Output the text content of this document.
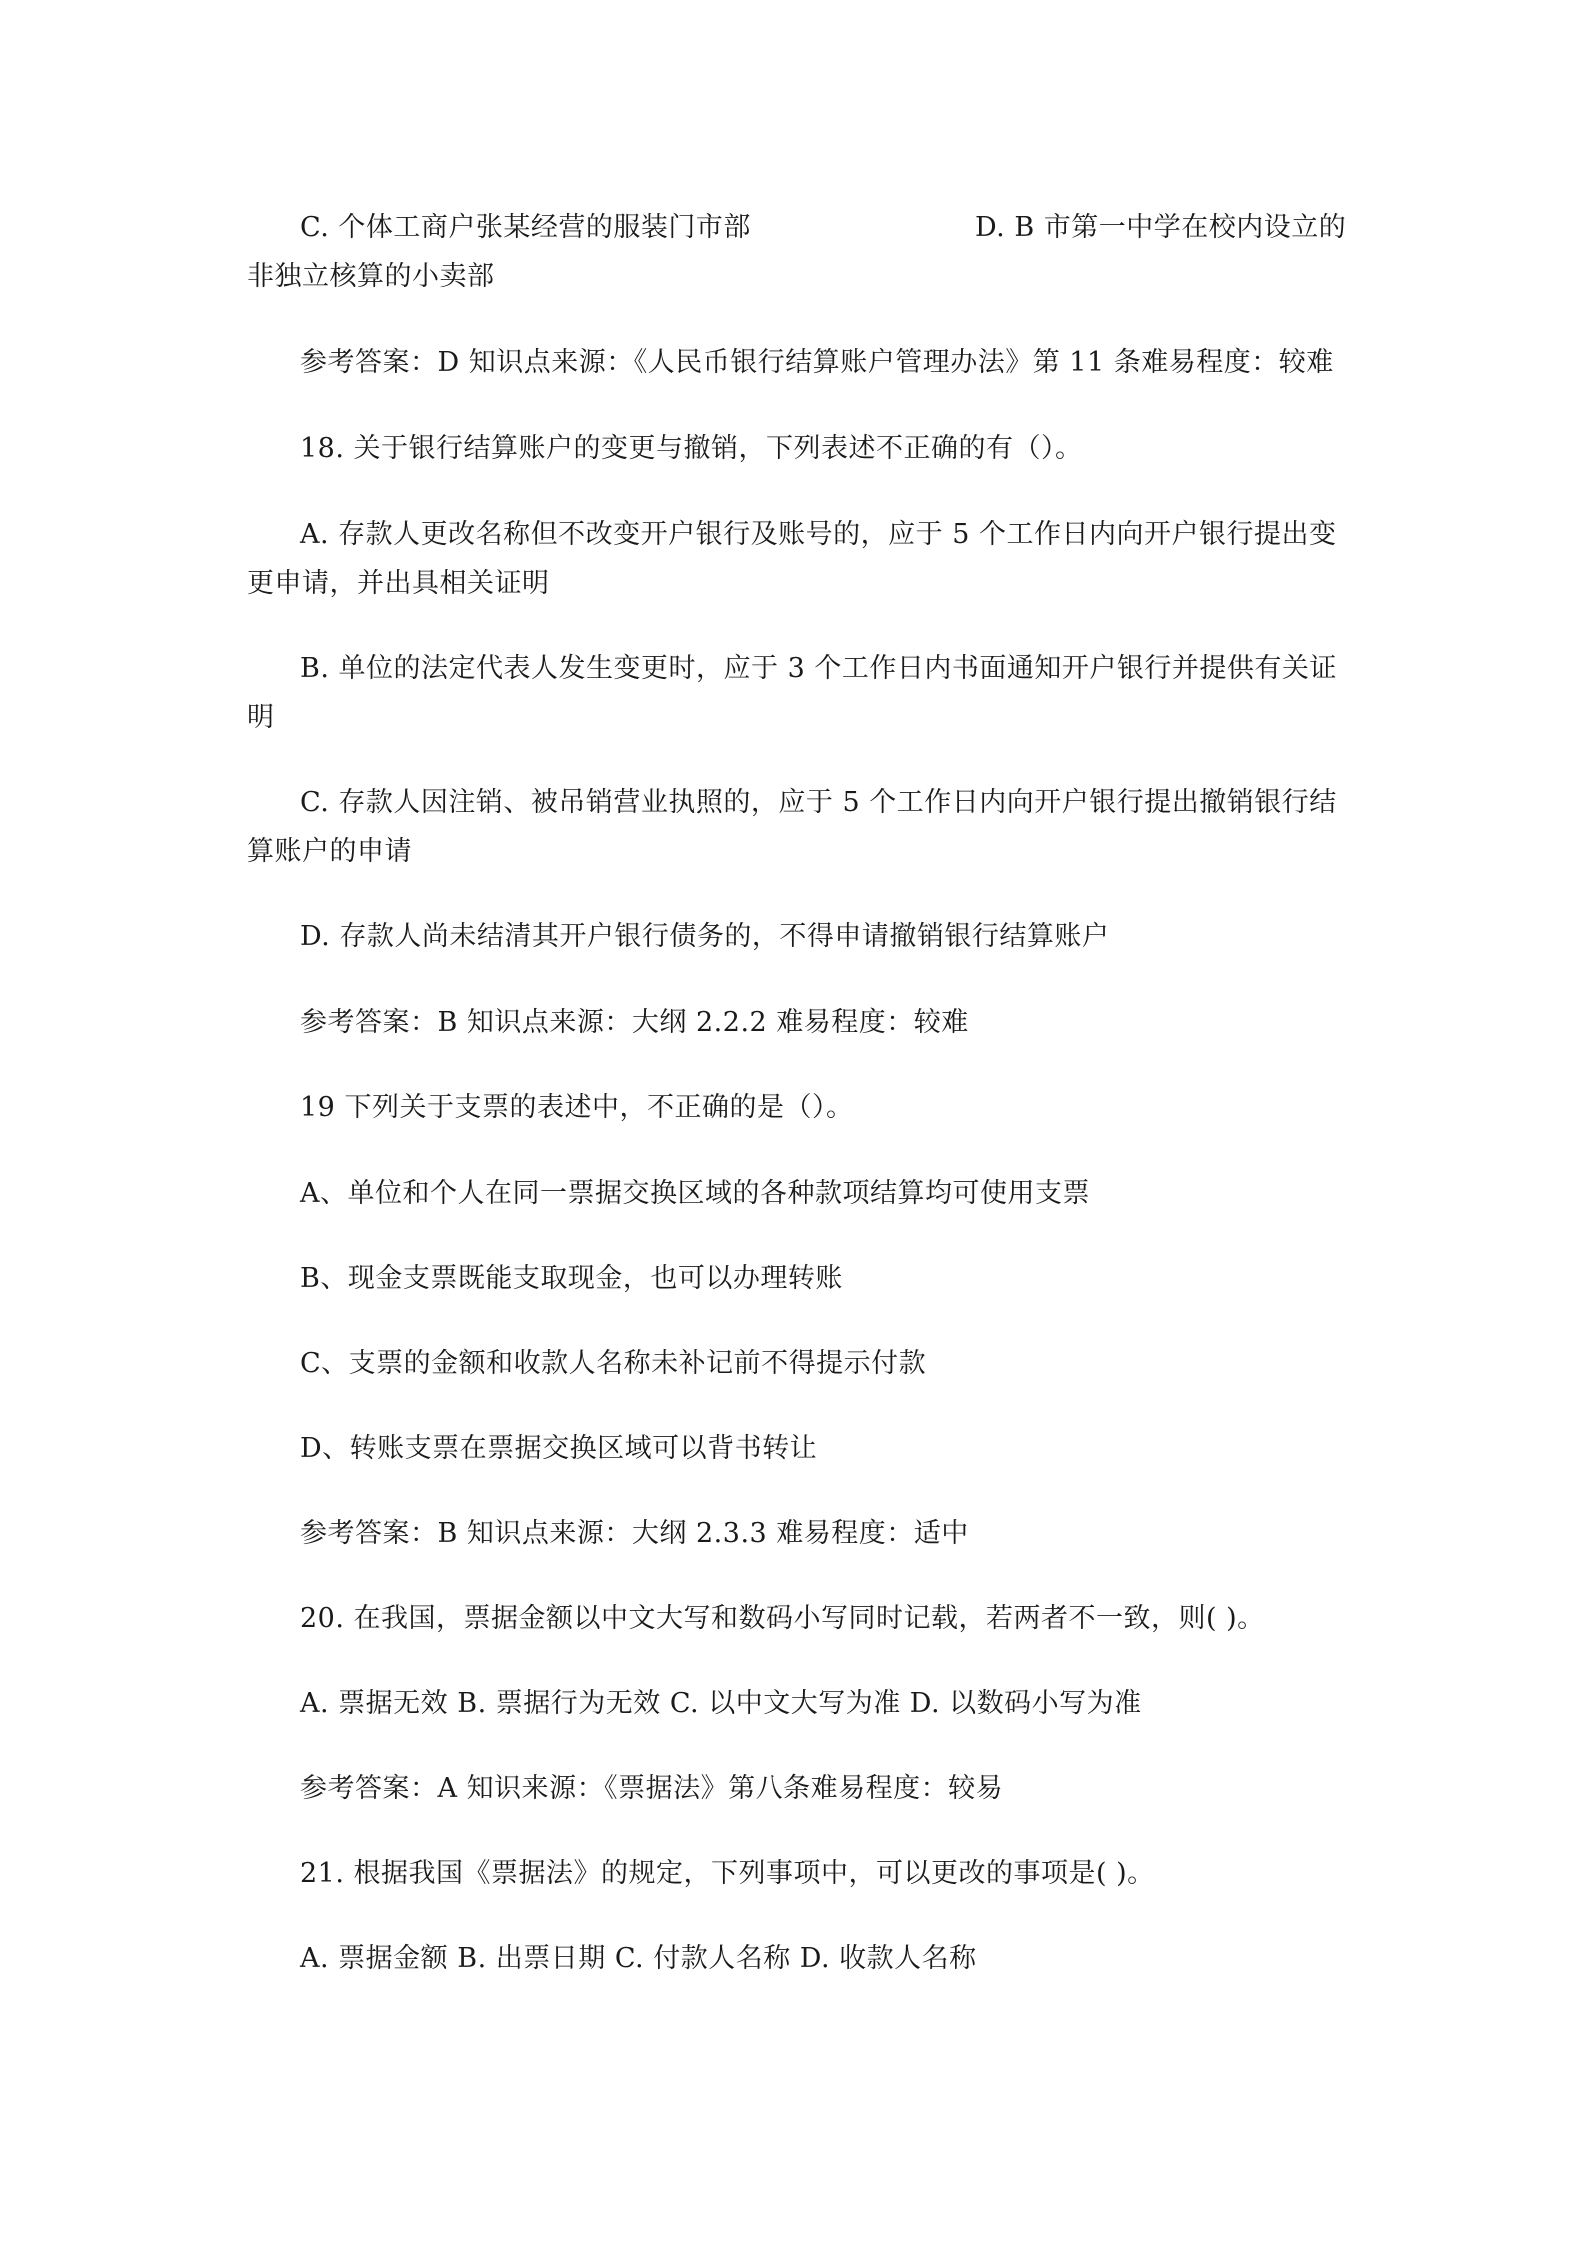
C. 个体工商户张某经营的服装门市部	D. B 市第一中学在校内设立的
非独立核算的小卖部
参考答案：D 知识点来源：《人民币银行结算账户管理办法》第 11 条难易程度：较难
18. 关于银行结算账户的变更与撤销，下列表述不正确的有（）。
A. 存款人更改名称但不改变开户银行及账号的，应于 5 个工作日内向开户银行提出变
更申请，并出具相关证明
B. 单位的法定代表人发生变更时，应于 3 个工作日内书面通知开户银行并提供有关证
明
C. 存款人因注销、被吊销营业执照的，应于 5 个工作日内向开户银行提出撤销银行结
算账户的申请
D. 存款人尚未结清其开户银行债务的，不得申请撤销银行结算账户
参考答案：B 知识点来源：大纲 2.2.2 难易程度：较难
19 下列关于支票的表述中，不正确的是（）。
A、单位和个人在同一票据交换区域的各种款项结算均可使用支票
B、现金支票既能支取现金，也可以办理转账
C、支票的金额和收款人名称未补记前不得提示付款
D、转账支票在票据交换区域可以背书转让
参考答案：B 知识点来源：大纲 2.3.3 难易程度：适中
20. 在我国，票据金额以中文大写和数码小写同时记载，若两者不一致，则( )。
A. 票据无效 B. 票据行为无效 C. 以中文大写为准 D. 以数码小写为准
参考答案：A 知识来源：《票据法》第八条难易程度：较易
21. 根据我国《票据法》的规定，下列事项中，可以更改的事项是( )。
A. 票据金额 B. 出票日期 C. 付款人名称 D. 收款人名称
